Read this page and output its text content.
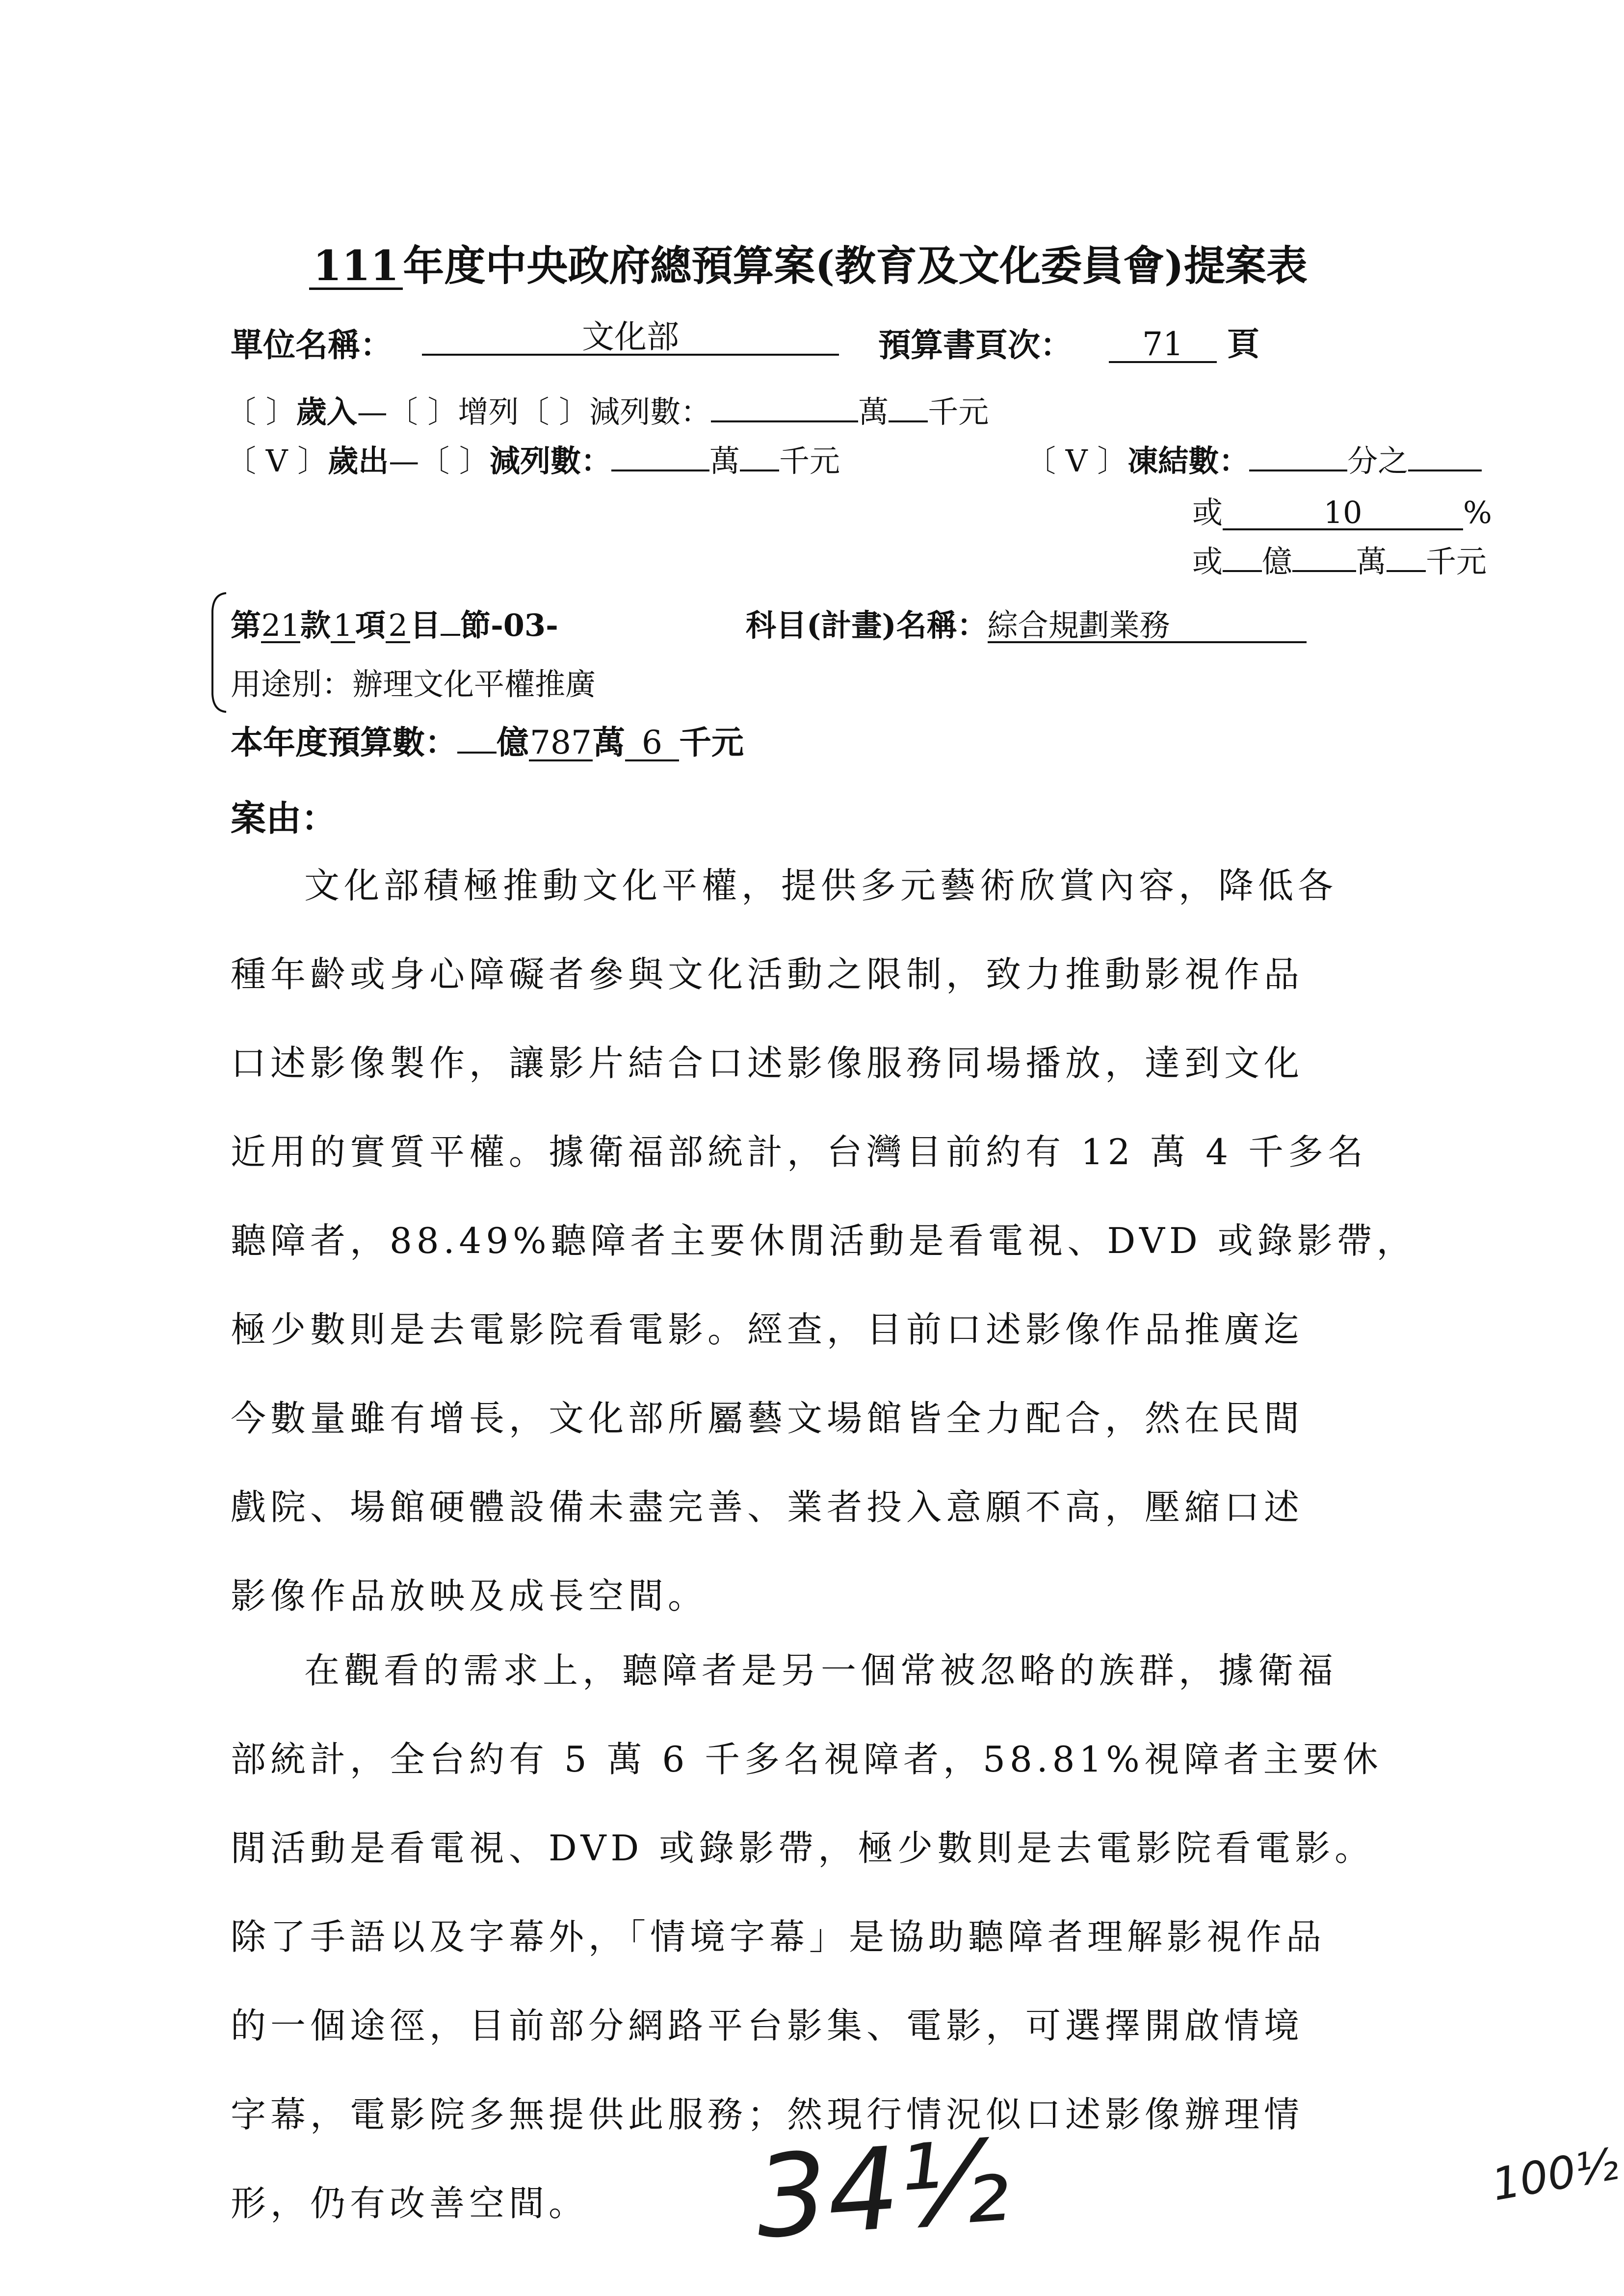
111年度中央政府總預算案(教育及文化委員會)提案表
單位名稱：	文化部	預算書頁次：	71 頁
〔 〕歲入—〔 〕增列〔 〕減列數：	萬 千元
〔 V 〕歲出—〔 〕減列數：	萬 千元	〔 V 〕凍結數：	分之
或	10	%
或 億 萬 千元
第21款1項2目 節-03-	科目(計畫)名稱：綜合規劃業務
用途別：辦理文化平權推廣
本年度預算數： 億787萬 6 千元
案由：
文化部積極推動文化平權，提供多元藝術欣賞內容，降低各
種年齡或身心障礙者參與文化活動之限制，致力推動影視作品
口述影像製作，讓影片結合口述影像服務同場播放，達到文化
近用的實質平權。據衛福部統計，台灣目前約有 12 萬 4 千多名
聽障者，88.49%聽障者主要休閒活動是看電視、DVD 或錄影帶，
極少數則是去電影院看電影。經查，目前口述影像作品推廣迄
今數量雖有增長，文化部所屬藝文場館皆全力配合，然在民間
戲院、場館硬體設備未盡完善、業者投入意願不高，壓縮口述
影像作品放映及成長空間。
在觀看的需求上，聽障者是另一個常被忽略的族群，據衛福
部統計，全台約有 5 萬 6 千多名視障者，58.81%視障者主要休
閒活動是看電視、DVD 或錄影帶，極少數則是去電影院看電影。
除了手語以及字幕外，「情境字幕」是協助聽障者理解影視作品
的一個途徑，目前部分網路平台影集、電影，可選擇開啟情境
字幕，電影院多無提供此服務；然現行情況似口述影像辦理情
形，仍有改善空間。	34½	100½
